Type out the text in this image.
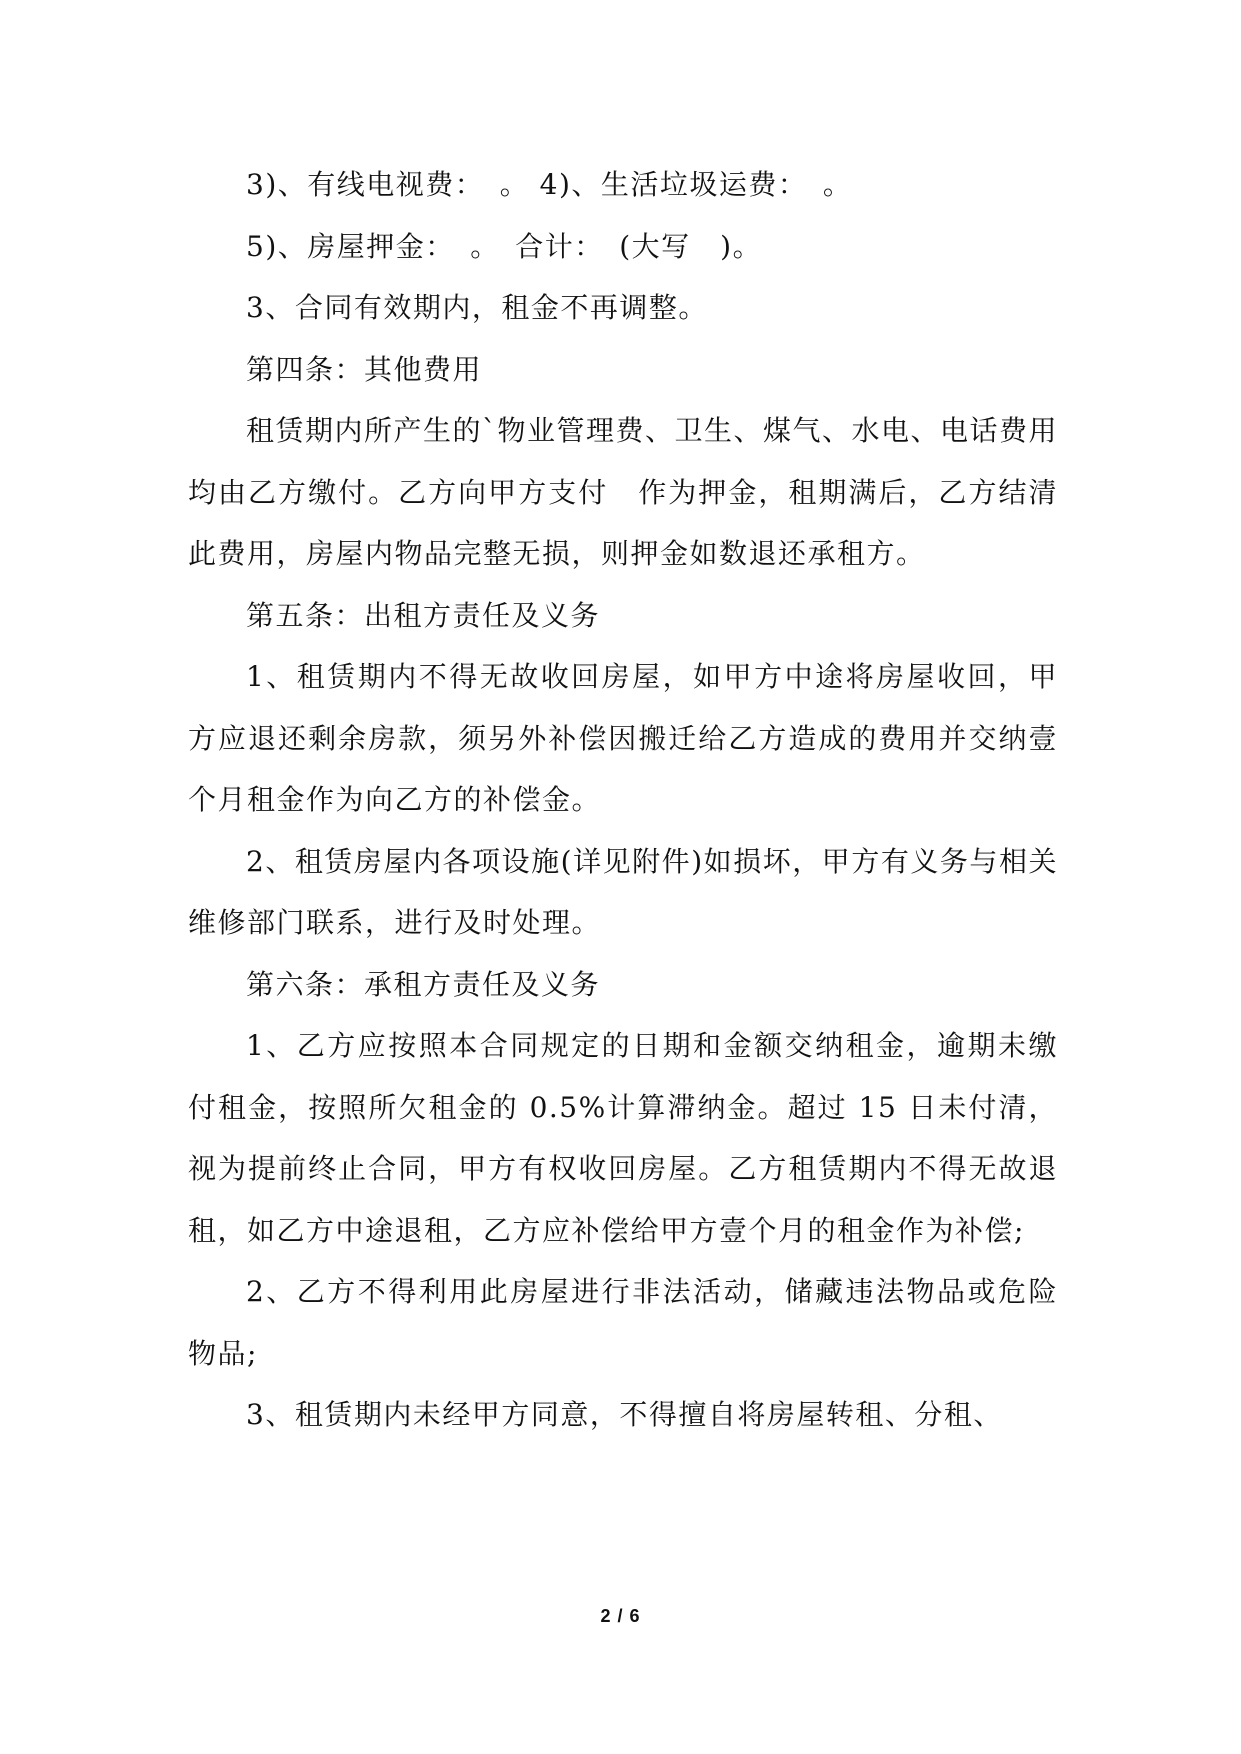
3)、有线电视费：　。 4)、生活垃圾运费：　。

5)、房屋押金：　。　合计：　(大写　)。

3、合同有效期内，租金不再调整。

第四条：其他费用

租赁期内所产生的`物业管理费、卫生、煤气、水电、电话费用均由乙方缴付。乙方向甲方支付　作为押金，租期满后，乙方结清此费用，房屋内物品完整无损，则押金如数退还承租方。

第五条：出租方责任及义务

1、租赁期内不得无故收回房屋，如甲方中途将房屋收回，甲方应退还剩余房款，须另外补偿因搬迁给乙方造成的费用并交纳壹个月租金作为向乙方的补偿金。

2、租赁房屋内各项设施(详见附件)如损坏，甲方有义务与相关维修部门联系，进行及时处理。

第六条：承租方责任及义务

1、乙方应按照本合同规定的日期和金额交纳租金，逾期未缴付租金，按照所欠租金的 0.5%计算滞纳金。超过 15 日未付清，视为提前终止合同，甲方有权收回房屋。乙方租赁期内不得无故退租，如乙方中途退租，乙方应补偿给甲方壹个月的租金作为补偿;

2、乙方不得利用此房屋进行非法活动，储藏违法物品或危险物品;

3、租赁期内未经甲方同意，不得擅自将房屋转租、分租、

2 / 6
